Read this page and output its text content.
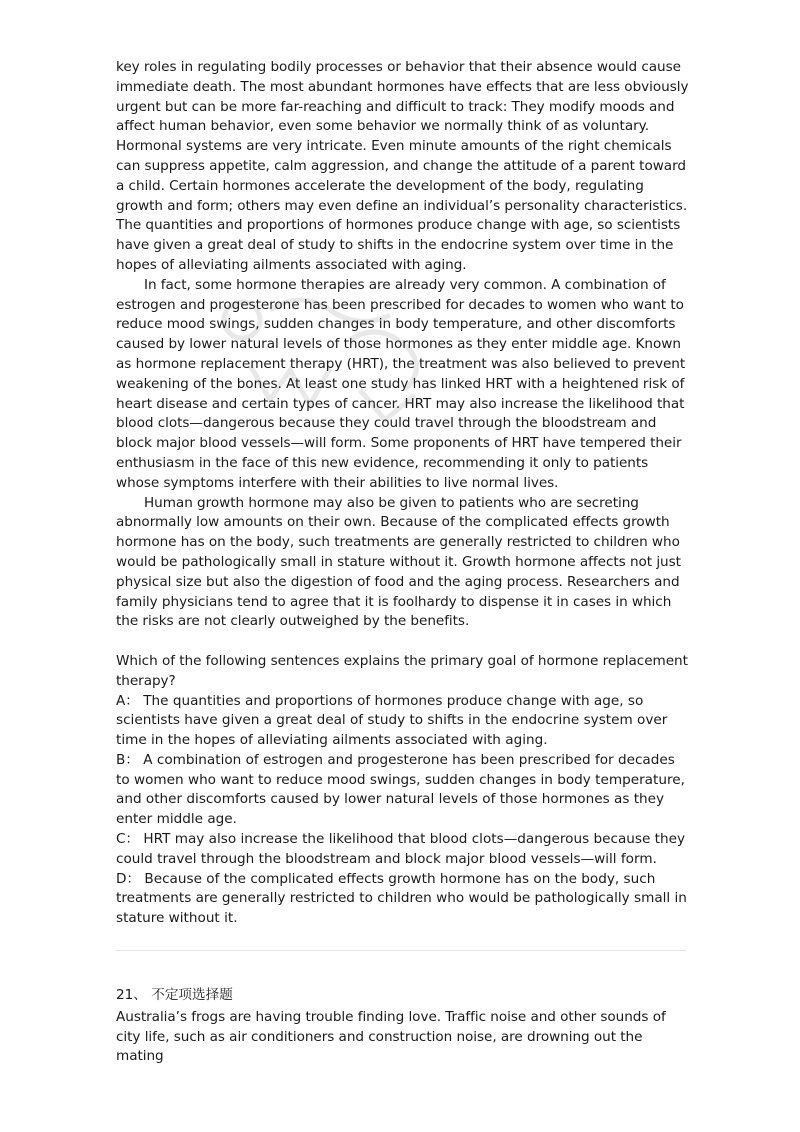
key roles in regulating bodily processes or behavior that their absence would cause immediate death. The most abundant hormones have effects that are less obviously urgent but can be more far-reaching and difficult to track: They modify moods and affect human behavior, even some behavior we normally think of as voluntary. Hormonal systems are very intricate. Even minute amounts of the right chemicals can suppress appetite, calm aggression, and change the attitude of a parent toward a child. Certain hormones accelerate the development of the body, regulating growth and form; others may even define an individual’s personality characteristics. The quantities and proportions of hormones produce change with age, so scientists have given a great deal of study to shifts in the endocrine system over time in the hopes of alleviating ailments associated with aging.

In fact, some hormone therapies are already very common. A combination of estrogen and progesterone has been prescribed for decades to women who want to reduce mood swings, sudden changes in body temperature, and other discomforts caused by lower natural levels of those hormones as they enter middle age. Known as hormone replacement therapy (HRT), the treatment was also believed to prevent weakening of the bones. At least one study has linked HRT with a heightened risk of heart disease and certain types of cancer. HRT may also increase the likelihood that blood clots—dangerous because they could travel through the bloodstream and block major blood vessels—will form. Some proponents of HRT have tempered their enthusiasm in the face of this new evidence, recommending it only to patients whose symptoms interfere with their abilities to live normal lives.

Human growth hormone may also be given to patients who are secreting abnormally low amounts on their own. Because of the complicated effects growth hormone has on the body, such treatments are generally restricted to children who would be pathologically small in stature without it. Growth hormone affects not just physical size but also the digestion of food and the aging process. Researchers and family physicians tend to agree that it is foolhardy to dispense it in cases in which the risks are not clearly outweighed by the benefits.

Which of the following sentences explains the primary goal of hormone replacement therapy?

A： The quantities and proportions of hormones produce change with age, so scientists have given a great deal of study to shifts in the endocrine system over time in the hopes of alleviating ailments associated with aging.

B： A combination of estrogen and progesterone has been prescribed for decades to women who want to reduce mood swings, sudden changes in body temperature, and other discomforts caused by lower natural levels of those hormones as they enter middle age.

C： HRT may also increase the likelihood that blood clots—dangerous because they could travel through the bloodstream and block major blood vessels—will form.

D： Because of the complicated effects growth hormone has on the body, such treatments are generally restricted to children who would be pathologically small in stature without it.

21、 不定项选择题

Australia’s frogs are having trouble finding love. Traffic noise and other sounds of city life, such as air conditioners and construction noise, are drowning out the mating
